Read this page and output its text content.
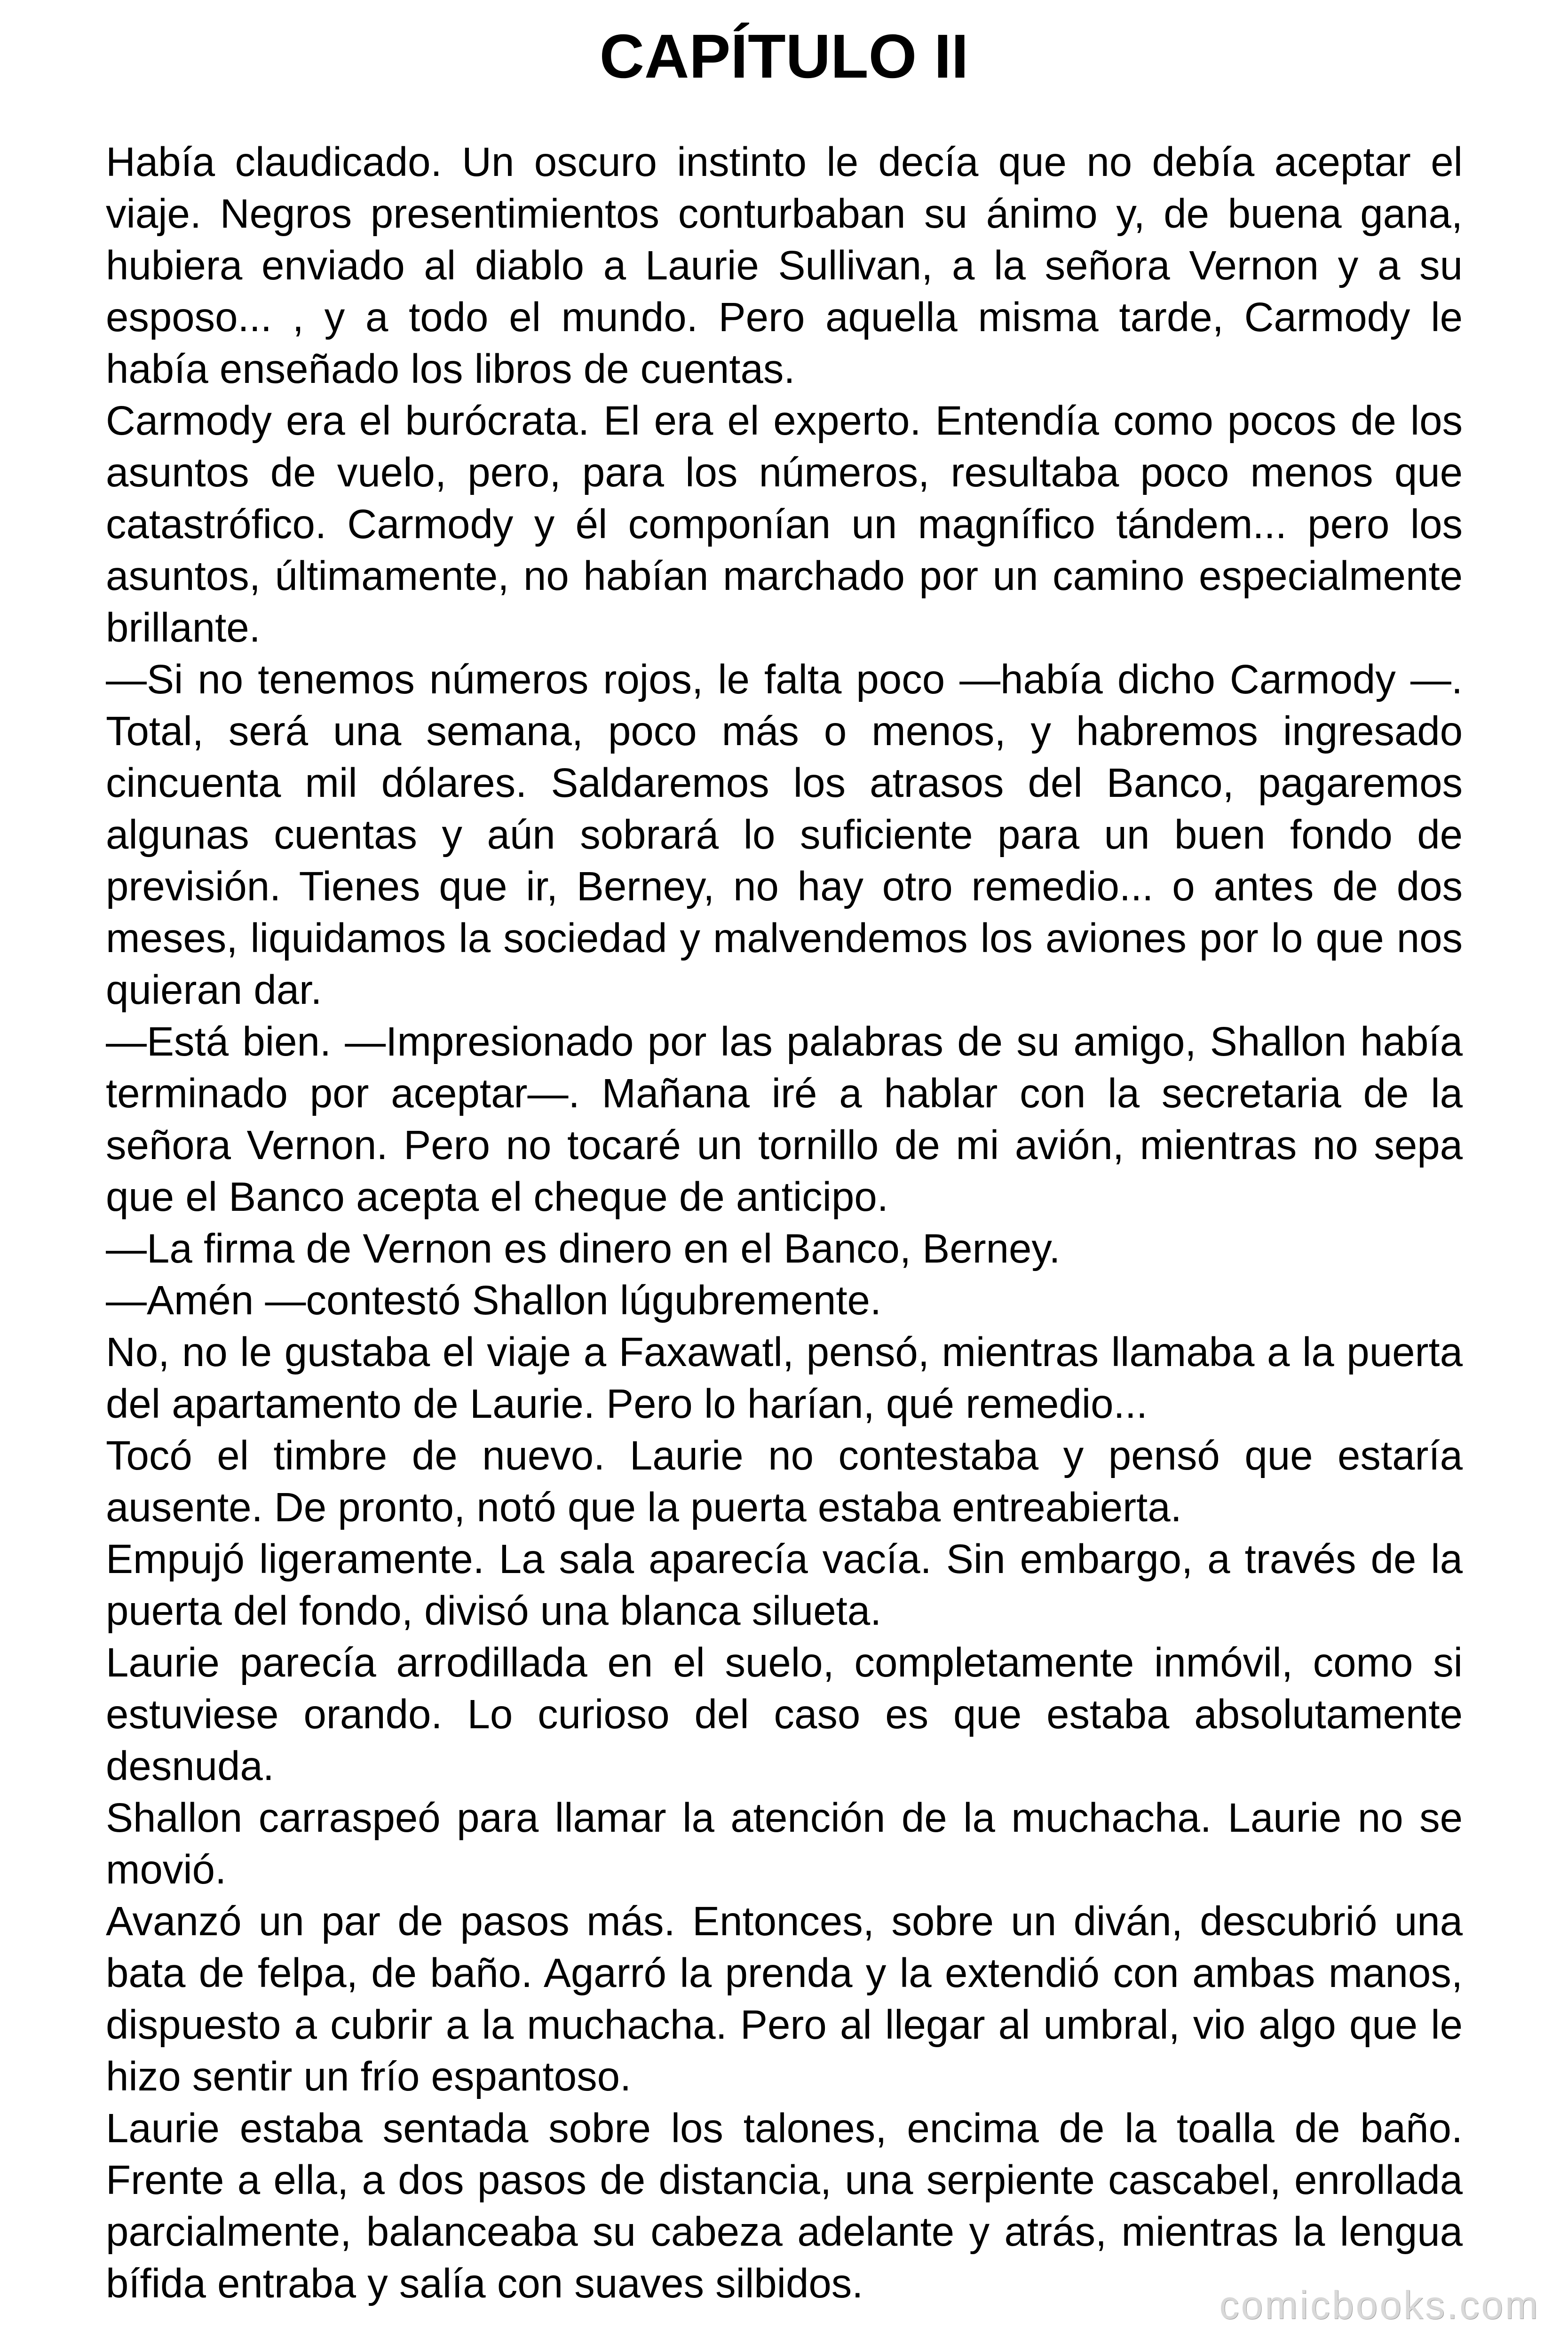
CAPÍTULO II

Había claudicado. Un oscuro instinto le decía que no debía aceptar el viaje. Negros presentimientos conturbaban su ánimo y, de buena gana, hubiera enviado al diablo a Laurie Sullivan, a la señora Vernon y a su esposo... , y a todo el mundo. Pero aquella misma tarde, Carmody le había enseñado los libros de cuentas.

Carmody era el burócrata. El era el experto. Entendía como pocos de los asuntos de vuelo, pero, para los números, resultaba poco menos que catastrófico. Carmody y él componían un magnífico tándem... pero los asuntos, últimamente, no habían marchado por un camino especialmente brillante.

—Si no tenemos números rojos, le falta poco —había dicho Carmody —. Total, será una semana, poco más o menos, y habremos ingresado cincuenta mil dólares. Saldaremos los atrasos del Banco, pagaremos algunas cuentas y aún sobrará lo suficiente para un buen fondo de previsión. Tienes que ir, Berney, no hay otro remedio... o antes de dos meses, liquidamos la sociedad y malvendemos los aviones por lo que nos quieran dar.

—Está bien. —Impresionado por las palabras de su amigo, Shallon había terminado por aceptar—. Mañana iré a hablar con la secretaria de la señora Vernon. Pero no tocaré un tornillo de mi avión, mientras no sepa que el Banco acepta el cheque de anticipo.

—La firma de Vernon es dinero en el Banco, Berney.

—Amén —contestó Shallon lúgubremente.

No, no le gustaba el viaje a Faxawatl, pensó, mientras llamaba a la puerta del apartamento de Laurie. Pero lo harían, qué remedio...

Tocó el timbre de nuevo. Laurie no contestaba y pensó que estaría ausente. De pronto, notó que la puerta estaba entreabierta.

Empujó ligeramente. La sala aparecía vacía. Sin embargo, a través de la puerta del fondo, divisó una blanca silueta.

Laurie parecía arrodillada en el suelo, completamente inmóvil, como si estuviese orando. Lo curioso del caso es que estaba absolutamente desnuda.

Shallon carraspeó para llamar la atención de la muchacha. Laurie no se movió.

Avanzó un par de pasos más. Entonces, sobre un diván, descubrió una bata de felpa, de baño. Agarró la prenda y la extendió con ambas manos, dispuesto a cubrir a la muchacha. Pero al llegar al umbral, vio algo que le hizo sentir un frío espantoso.

Laurie estaba sentada sobre los talones, encima de la toalla de baño. Frente a ella, a dos pasos de distancia, una serpiente cascabel, enrollada parcialmente, balanceaba su cabeza adelante y atrás, mientras la lengua bífida entraba y salía con suaves silbidos.	comicbooks.com
